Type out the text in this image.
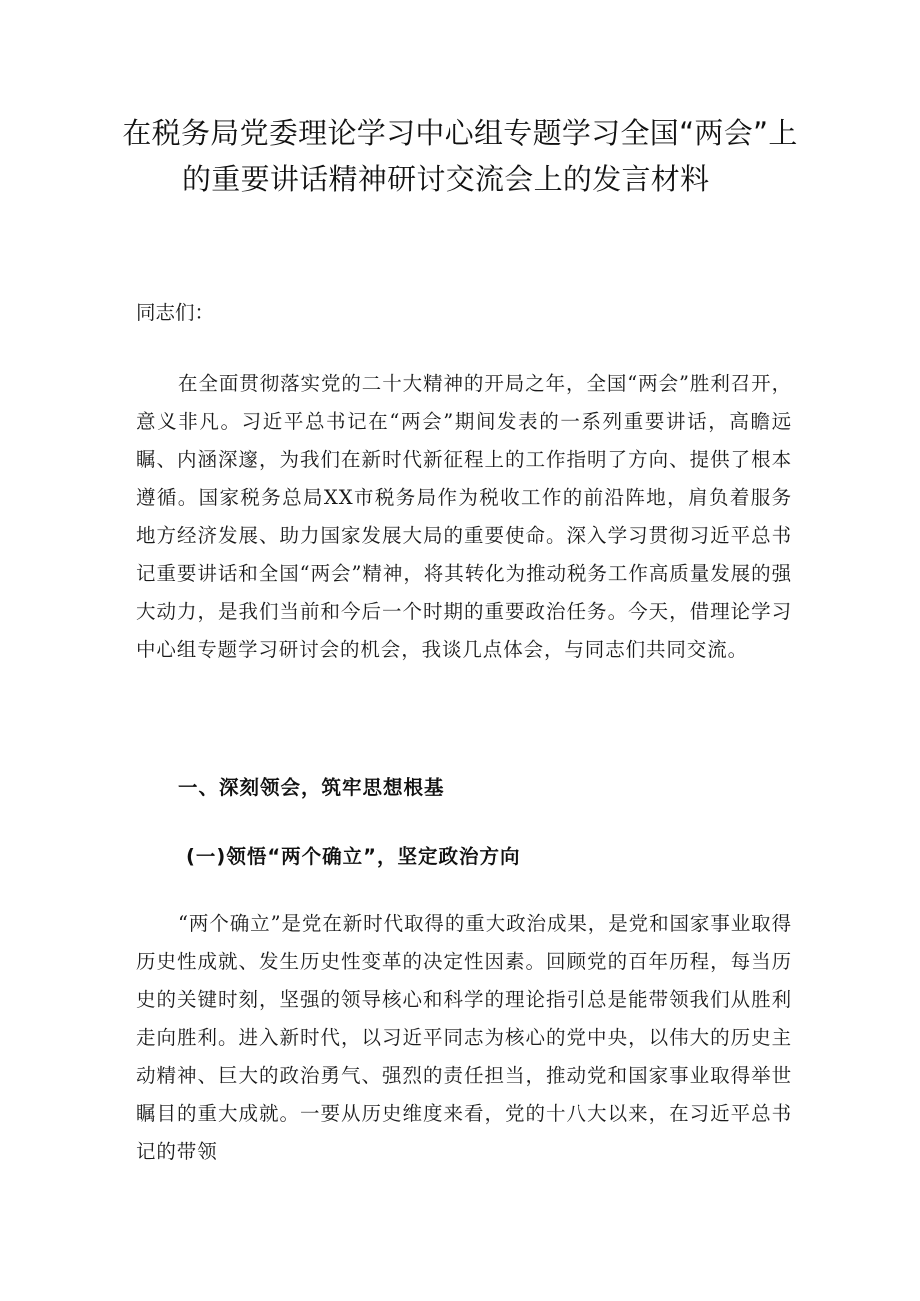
在税务局党委理论学习中心组专题学习全国“两会”上
的重要讲话精神研讨交流会上的发言材料
同志们：
在全面贯彻落实党的二十大精神的开局之年，全国“两会”胜利召开，意义非凡。习近平总书记在“两会”期间发表的一系列重要讲话，高瞻远瞩、内涵深邃，为我们在新时代新征程上的工作指明了方向、提供了根本遵循。国家税务总局XX市税务局作为税收工作的前沿阵地，肩负着服务地方经济发展、助力国家发展大局的重要使命。深入学习贯彻习近平总书记重要讲话和全国“两会”精神，将其转化为推动税务工作高质量发展的强大动力，是我们当前和今后一个时期的重要政治任务。今天，借理论学习中心组专题学习研讨会的机会，我谈几点体会，与同志们共同交流。
一、深刻领会，筑牢思想根基
(一)领悟“两个确立”，坚定政治方向
“两个确立”是党在新时代取得的重大政治成果，是党和国家事业取得历史性成就、发生历史性变革的决定性因素。回顾党的百年历程，每当历史的关键时刻，坚强的领导核心和科学的理论指引总是能带领我们从胜利走向胜利。进入新时代，以习近平同志为核心的党中央，以伟大的历史主动精神、巨大的政治勇气、强烈的责任担当，推动党和国家事业取得举世瞩目的重大成就。一要从历史维度来看，党的十八大以来，在习近平总书记的带领
